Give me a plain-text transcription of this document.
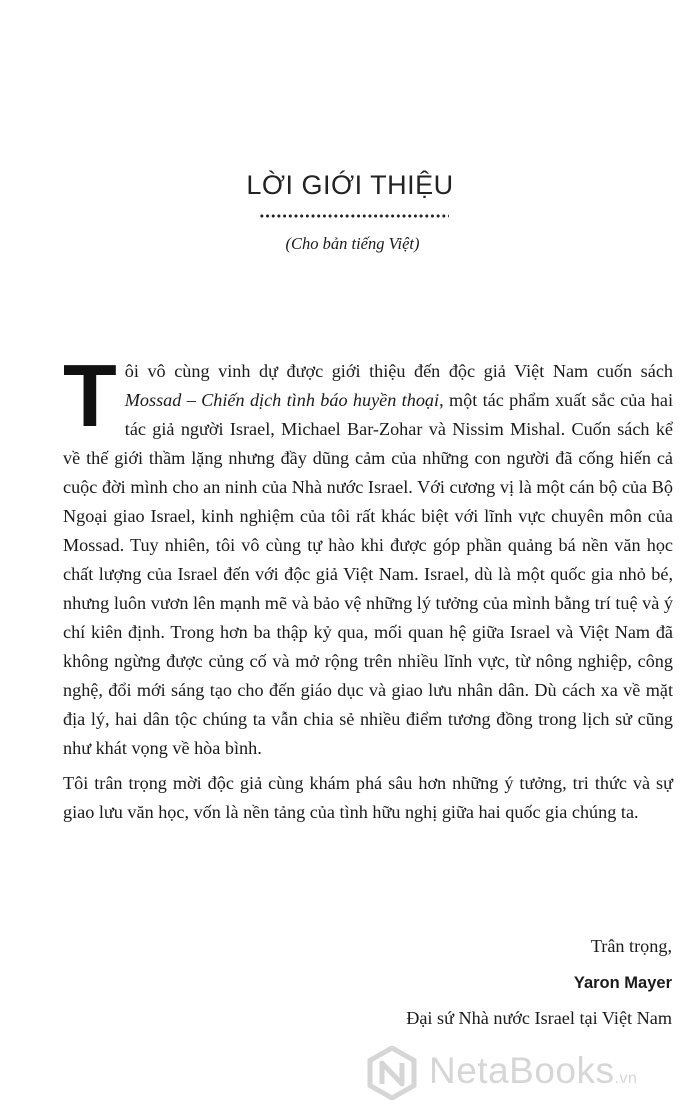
LỜI GIỚI THIỆU
(Cho bản tiếng Việt)

Tôi vô cùng vinh dự được giới thiệu đến độc giả Việt Nam cuốn sách Mossad – Chiến dịch tình báo huyền thoại, một tác phẩm xuất sắc của hai tác giả người Israel, Michael Bar-Zohar và Nissim Mishal. Cuốn sách kể về thế giới thầm lặng nhưng đầy dũng cảm của những con người đã cống hiến cả cuộc đời mình cho an ninh của Nhà nước Israel. Với cương vị là một cán bộ của Bộ Ngoại giao Israel, kinh nghiệm của tôi rất khác biệt với lĩnh vực chuyên môn của Mossad. Tuy nhiên, tôi vô cùng tự hào khi được góp phần quảng bá nền văn học chất lượng của Israel đến với độc giả Việt Nam. Israel, dù là một quốc gia nhỏ bé, nhưng luôn vươn lên mạnh mẽ và bảo vệ những lý tưởng của mình bằng trí tuệ và ý chí kiên định. Trong hơn ba thập kỷ qua, mối quan hệ giữa Israel và Việt Nam đã không ngừng được củng cố và mở rộng trên nhiều lĩnh vực, từ nông nghiệp, công nghệ, đổi mới sáng tạo cho đến giáo dục và giao lưu nhân dân. Dù cách xa về mặt địa lý, hai dân tộc chúng ta vẫn chia sẻ nhiều điểm tương đồng trong lịch sử cũng như khát vọng về hòa bình.

Tôi trân trọng mời độc giả cùng khám phá sâu hơn những ý tưởng, tri thức và sự giao lưu văn học, vốn là nền tảng của tình hữu nghị giữa hai quốc gia chúng ta.

Trân trọng,
Yaron Mayer
Đại sứ Nhà nước Israel tại Việt Nam
NetaBooks.vn
